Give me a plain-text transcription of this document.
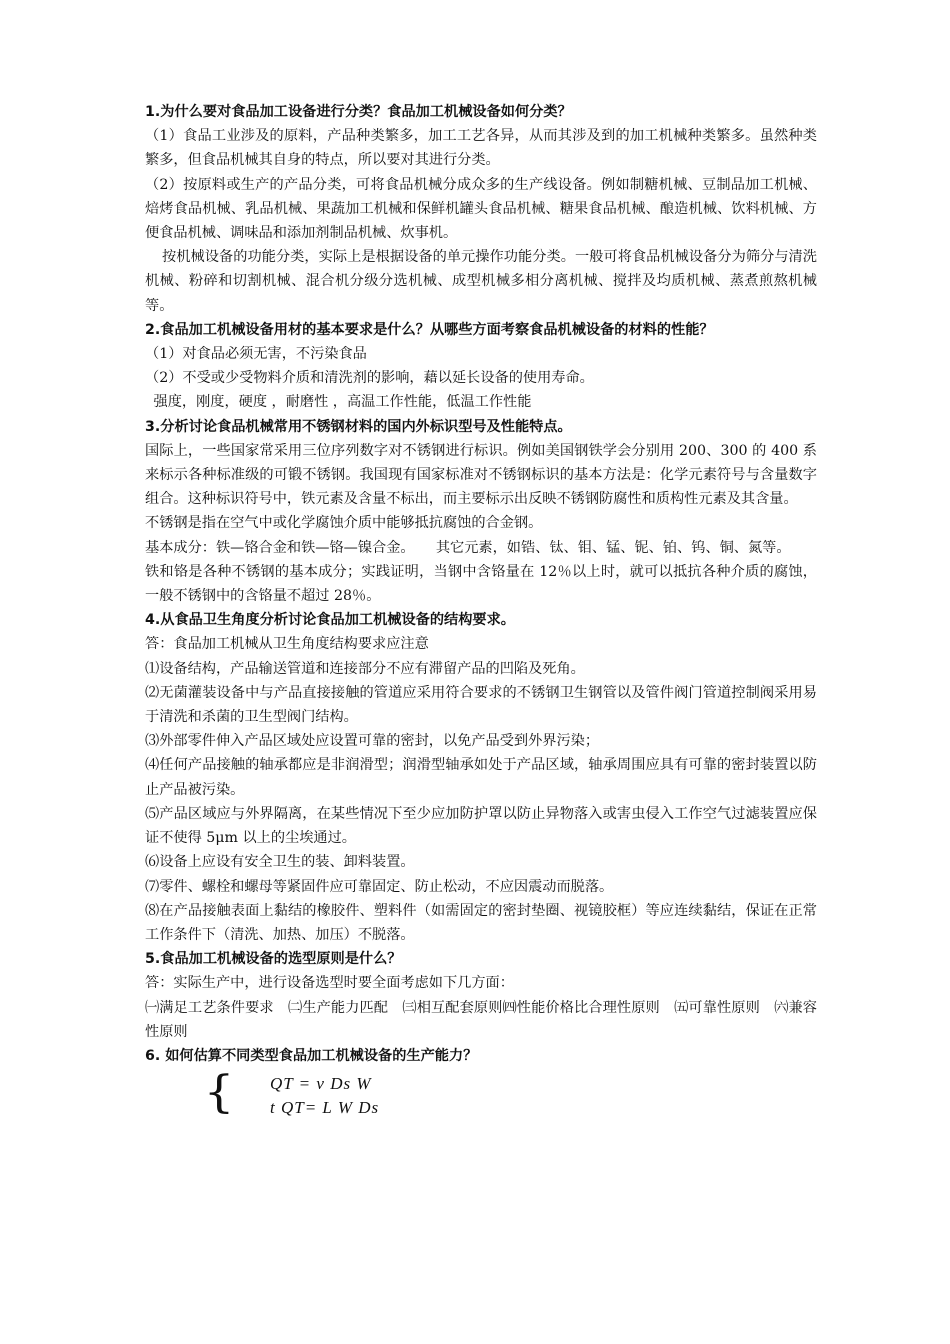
1.为什么要对食品加工设备进行分类？食品加工机械设备如何分类？

（1）食品工业涉及的原料，产品种类繁多，加工工艺各异，从而其涉及到的加工机械种类繁多。虽然种类繁多，但食品机械其自身的特点，所以要对其进行分类。

（2）按原料或生产的产品分类，可将食品机械分成众多的生产线设备。例如制糖机械、豆制品加工机械、焙烤食品机械、乳品机械、果蔬加工机械和保鲜机罐头食品机械、糖果食品机械、酿造机械、饮料机械、方便食品机械、调味品和添加剂制品机械、炊事机。

按机械设备的功能分类，实际上是根据设备的单元操作功能分类。一般可将食品机械设备分为筛分与清洗机械、粉碎和切割机械、混合机分级分选机械、成型机械多相分离机械、搅拌及均质机械、蒸煮煎熬机械等。

2.食品加工机械设备用材的基本要求是什么？从哪些方面考察食品机械设备的材料的性能？

（1）对食品必须无害，不污染食品

（2）不受或少受物料介质和清洗剂的影响，藉以延长设备的使用寿命。

强度，刚度，硬度 ，耐磨性 ，高温工作性能，低温工作性能

3.分析讨论食品机械常用不锈钢材料的国内外标识型号及性能特点。

国际上，一些国家常采用三位序列数字对不锈钢进行标识。例如美国钢铁学会分别用 200、300 的 400 系来标示各种标准级的可锻不锈钢。我国现有国家标准对不锈钢标识的基本方法是：化学元素符号与含量数字组合。这种标识符号中，铁元素及含量不标出，而主要标示出反映不锈钢防腐性和质构性元素及其含量。

不锈钢是指在空气中或化学腐蚀介质中能够抵抗腐蚀的合金钢。

基本成分：铁—铬合金和铁—铬—镍合金。　　其它元素，如锆、钛、钼、锰、铌、铂、钨、铜、氮等。

铁和铬是各种不锈钢的基本成分；实践证明，当钢中含铬量在 12％以上时，就可以抵抗各种介质的腐蚀，一般不锈钢中的含铬量不超过 28％。

4.从食品卫生角度分析讨论食品加工机械设备的结构要求。

答：食品加工机械从卫生角度结构要求应注意

⑴设备结构，产品输送管道和连接部分不应有滞留产品的凹陷及死角。

⑵无菌灌装设备中与产品直接接触的管道应采用符合要求的不锈钢卫生钢管以及管件阀门管道控制阀采用易于清洗和杀菌的卫生型阀门结构。

⑶外部零件伸入产品区域处应设置可靠的密封，以免产品受到外界污染；

⑷任何产品接触的轴承都应是非润滑型；润滑型轴承如处于产品区域，轴承周围应具有可靠的密封装置以防止产品被污染。

⑸产品区域应与外界隔离，在某些情况下至少应加防护罩以防止异物落入或害虫侵入工作空气过滤装置应保证不使得 5μm 以上的尘埃通过。

⑹设备上应设有安全卫生的装、卸料装置。

⑺零件、螺栓和螺母等紧固件应可靠固定、防止松动，不应因震动而脱落。

⑻在产品接触表面上黏结的橡胶件、塑料件（如需固定的密封垫圈、视镜胶框）等应连续黏结，保证在正常工作条件下（清洗、加热、加压）不脱落。

5.食品加工机械设备的选型原则是什么？

答：实际生产中，进行设备选型时要全面考虑如下几方面：

㈠满足工艺条件要求　㈡生产能力匹配　㈢相互配套原则㈣性能价格比合理性原则　㈤可靠性原则　㈥兼容性原则

6. 如何估算不同类型食品加工机械设备的生产能力？

{ QT = v Ds W
t QT= L W Ds
